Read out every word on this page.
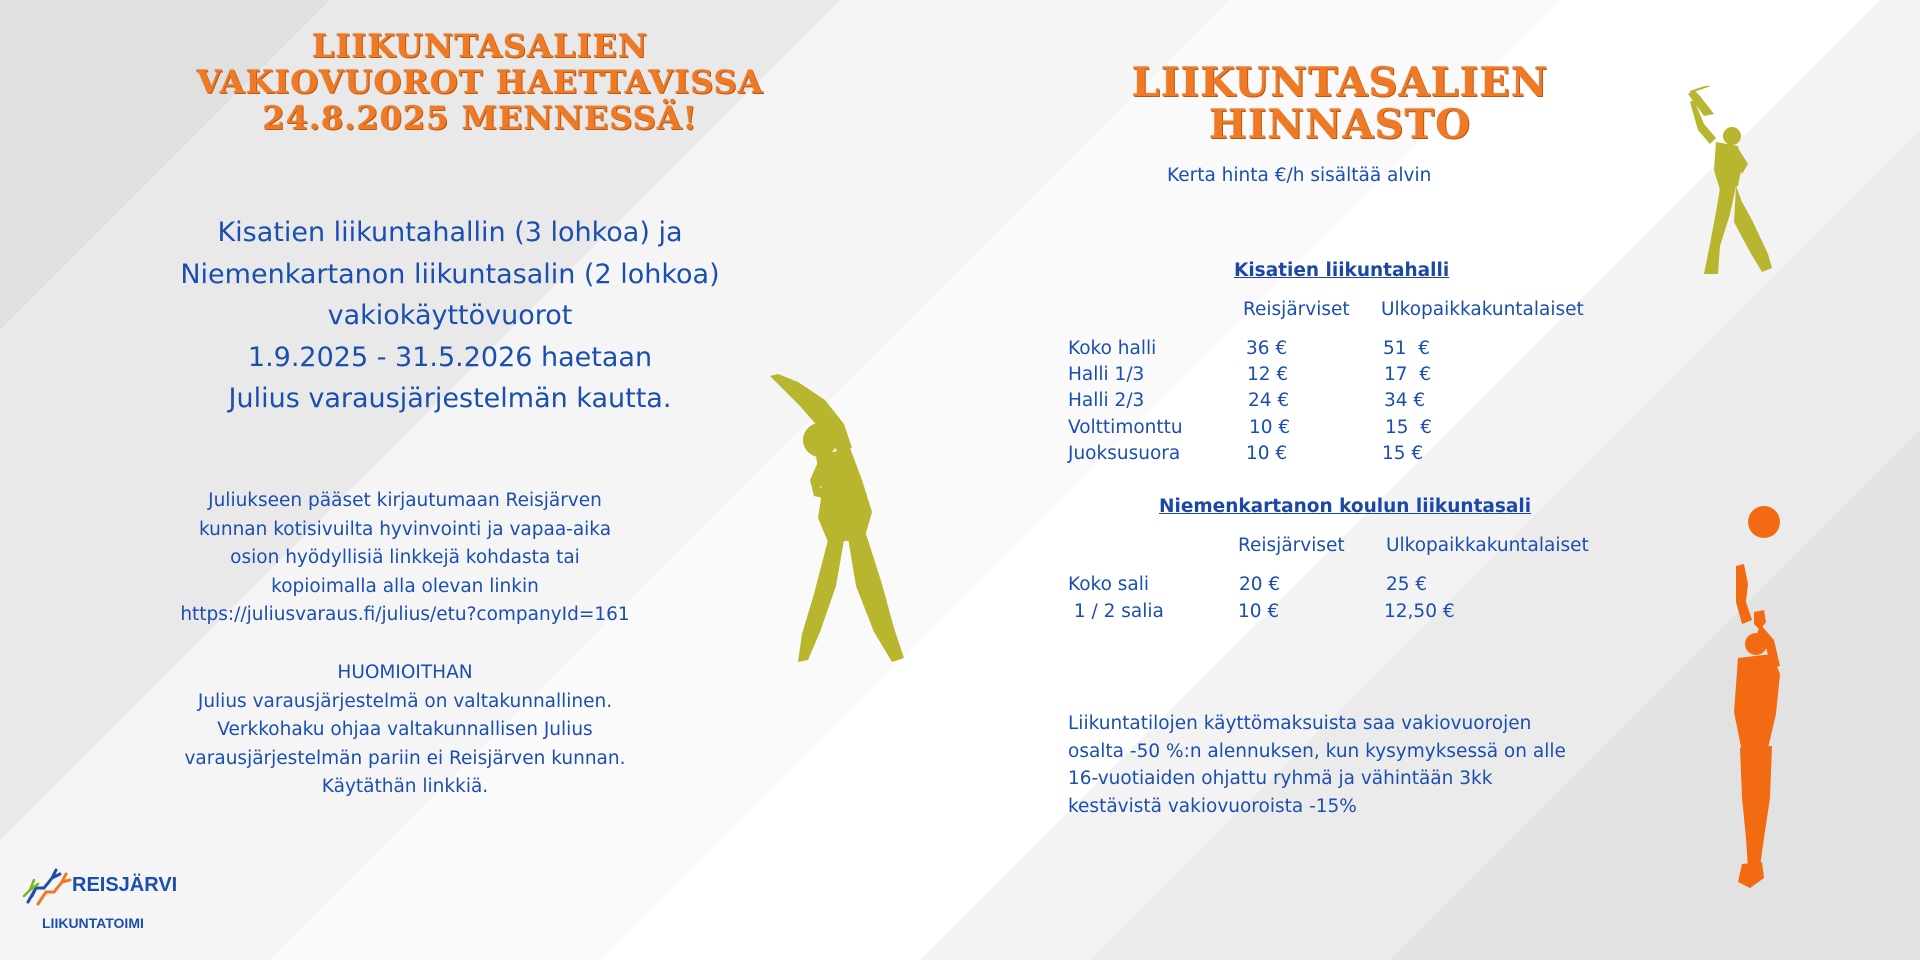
LIIKUNTASALIEN
VAKIOVUOROT HAETTAVISSA
24.8.2025 MENNESSÄ!
Kisatien liikuntahallin (3 lohkoa) ja
Niemenkartanon liikuntasalin (2 lohkoa)
vakiokäyttövuorot
1.9.2025 - 31.5.2026 haetaan
Julius varausjärjestelmän kautta.
Juliukseen pääset kirjautumaan Reisjärven
kunnan kotisivuilta hyvinvointi ja vapaa-aika
osion hyödyllisiä linkkejä kohdasta tai
kopioimalla alla olevan linkin
https://juliusvaraus.fi/julius/etu?companyId=161
HUOMIOITHAN
Julius varausjärjestelmä on valtakunnallinen.
Verkkohaku ohjaa valtakunnallisen Julius
varausjärjestelmän pariin ei Reisjärven kunnan.
Käytäthän linkkiä.
REISJÄRVI
LIIKUNTATOIMI
LIIKUNTASALIEN
HINNASTO
Kerta hinta €/h sisältää alvin
Kisatien liikuntahalli
Reisjärviset Ulkopaikkakuntalaiset
Koko halli	36 €	51  €
Halli 1/3	12 €	17  €
Halli 2/3	24 €	34 €
Volttimonttu	10 €	15  €
Juoksusuora	10 €	15 €
Niemenkartanon koulun liikuntasali
Reisjärviset Ulkopaikkakuntalaiset
Koko sali	20 €	25 €
1 / 2 salia	10 €	12,50 €
Liikuntatilojen käyttömaksuista saa vakiovuorojen
osalta -50 %:n alennuksen, kun kysymyksessä on alle
16-vuotiaiden ohjattu ryhmä ja vähintään 3kk
kestävistä vakiovuoroista -15%
